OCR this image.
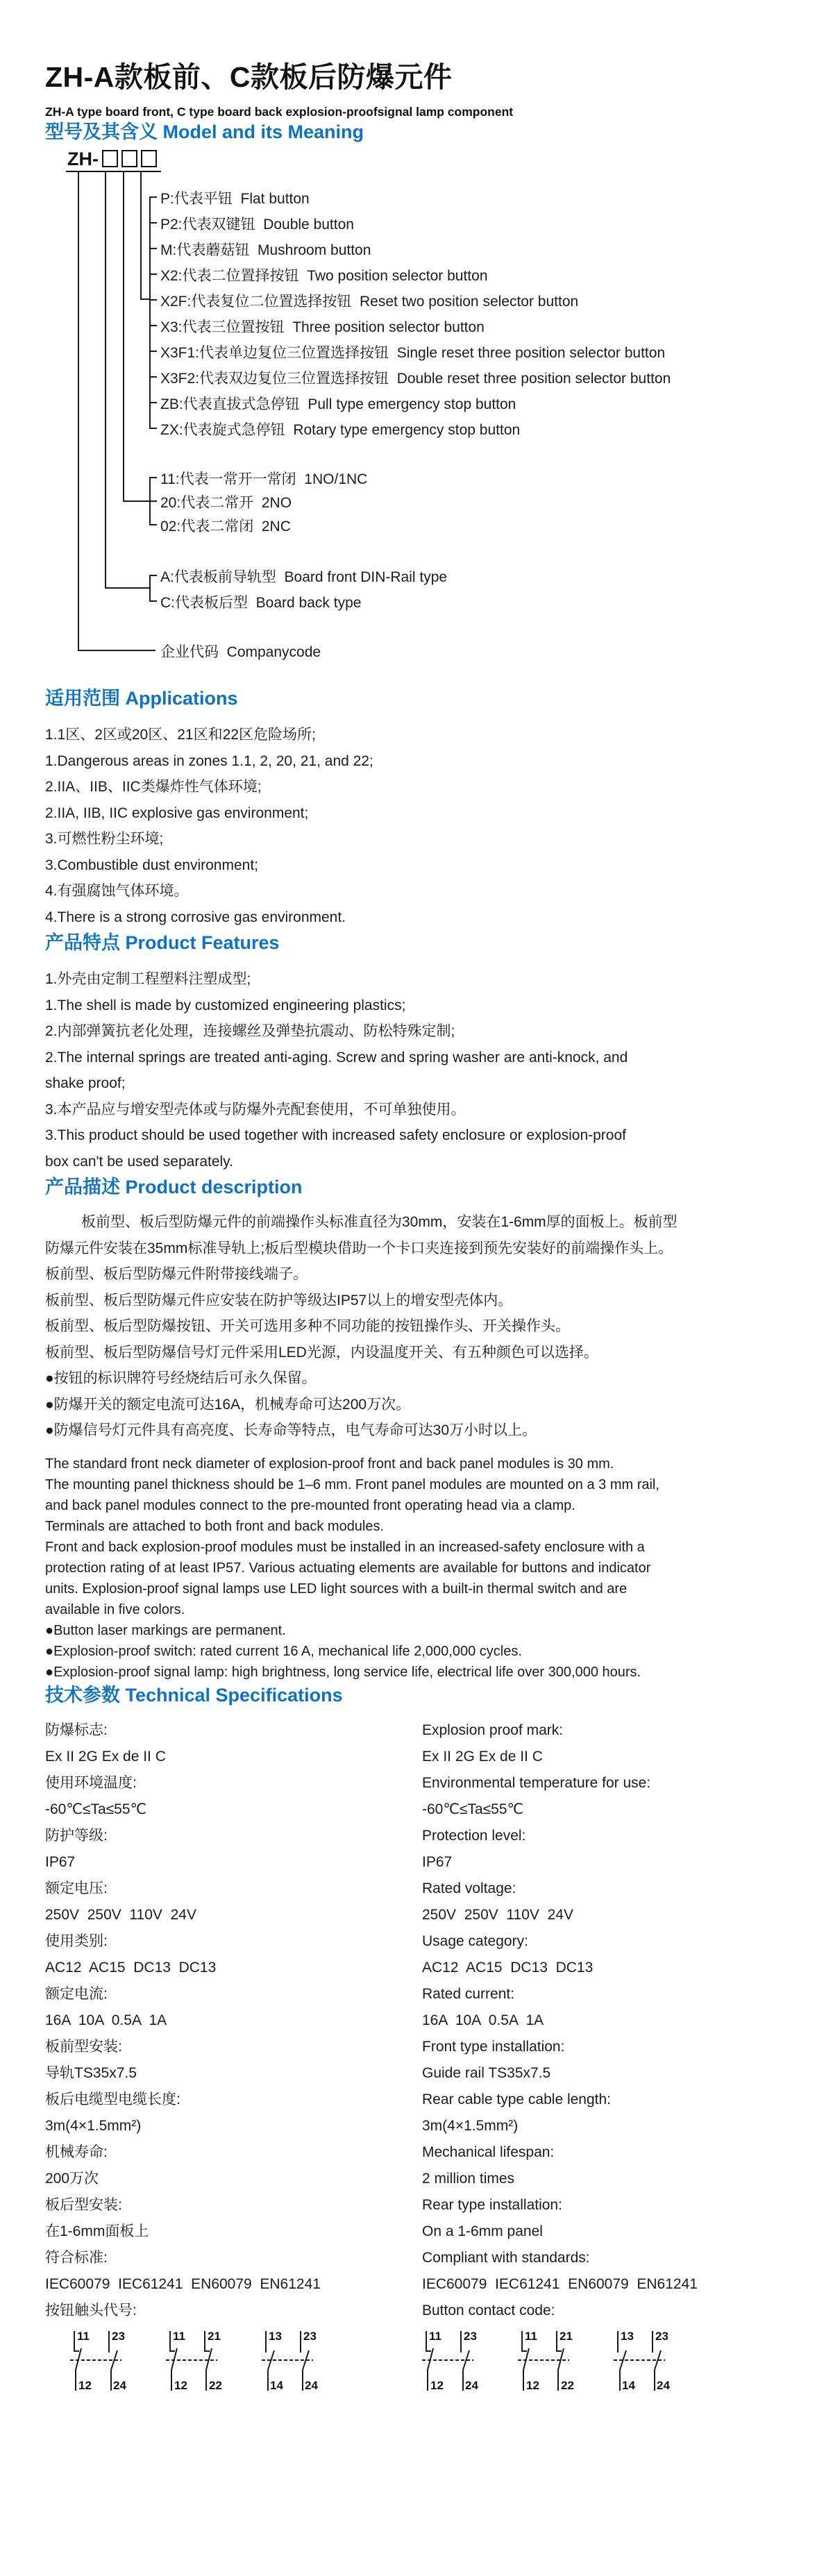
ZH-A款板前、C款板后防爆元件
ZH-A type board front, C type board back explosion-proofsignal lamp component
型号及其含义 Model and its Meaning
ZH-
P:代表平钮  Flat button
P2:代表双键钮  Double button
M:代表蘑菇钮  Mushroom button
X2:代表二位置择按钮  Two position selector button
X2F:代表复位二位置选择按钮  Reset two position selector button
X3:代表三位置按钮  Three position selector button
X3F1:代表单边复位三位置选择按钮  Single reset three position selector button
X3F2:代表双边复位三位置选择按钮  Double reset three position selector button
ZB:代表直拔式急停钮  Pull type emergency stop button
ZX:代表旋式急停钮  Rotary type emergency stop button
11:代表一常开一常闭  1NO/1NC
20:代表二常开  2NO
02:代表二常闭  2NC
A:代表板前导轨型  Board front DIN-Rail type
C:代表板后型  Board back type
企业代码  Companycode
适用范围 Applications
1.1区、2区或20区、21区和22区危险场所;
1.Dangerous areas in zones 1.1, 2, 20, 21, and 22;
2.IIA、IIB、IIC类爆炸性气体环境;
2.IIA, IIB, IIC explosive gas environment;
3.可燃性粉尘环境;
3.Combustible dust environment;
4.有强腐蚀气体环境。
4.There is a strong corrosive gas environment.
产品特点 Product Features
1.外壳由定制工程塑料注塑成型;
1.The shell is made by customized engineering plastics;
2.内部弹簧抗老化处理，连接螺丝及弹垫抗震动、防松特殊定制;
2.The internal springs are treated anti-aging. Screw and spring washer are anti-knock, and
shake proof;
3.本产品应与增安型壳体或与防爆外壳配套使用，不可单独使用。
3.This product should be used together with increased safety enclosure or explosion-proof
box can't be used separately.
产品描述 Product description
板前型、板后型防爆元件的前端操作头标准直径为30mm，安装在1-6mm厚的面板上。板前型
防爆元件安装在35mm标准导轨上;板后型模块借助一个卡口夹连接到预先安装好的前端操作头上。
板前型、板后型防爆元件附带接线端子。
板前型、板后型防爆元件应安装在防护等级达IP57以上的增安型壳体内。
板前型、板后型防爆按钮、开关可选用多种不同功能的按钮操作头、开关操作头。
板前型、板后型防爆信号灯元件采用LED光源，内设温度开关、有五种颜色可以选择。
●按钮的标识牌符号经烧结后可永久保留。
●防爆开关的额定电流可达16A，机械寿命可达200万次。
●防爆信号灯元件具有高亮度、长寿命等特点，电气寿命可达30万小时以上。
The standard front neck diameter of explosion-proof front and back panel modules is 30 mm.
The mounting panel thickness should be 1–6 mm. Front panel modules are mounted on a 3 mm rail,
and back panel modules connect to the pre-mounted front operating head via a clamp.
Terminals are attached to both front and back modules.
Front and back explosion-proof modules must be installed in an increased-safety enclosure with a
protection rating of at least IP57. Various actuating elements are available for buttons and indicator
units. Explosion-proof signal lamps use LED light sources with a built-in thermal switch and are
available in five colors.
●Button laser markings are permanent.
●Explosion-proof switch: rated current 16 A, mechanical life 2,000,000 cycles.
●Explosion-proof signal lamp: high brightness, long service life, electrical life over 300,000 hours.
技术参数 Technical Specifications
防爆标志:	Explosion proof mark:
Ex II 2G Ex de II C	Ex II 2G Ex de II C
使用环境温度:	Environmental temperature for use:
-60℃≤Ta≤55℃	-60℃≤Ta≤55℃
防护等级:	Protection level:
IP67	IP67
额定电压:	Rated voltage:
250V  250V  110V  24V	250V  250V  110V  24V
使用类别:	Usage category:
AC12  AC15  DC13  DC13	AC12  AC15  DC13  DC13
额定电流:	Rated current:
16A  10A  0.5A  1A	16A  10A  0.5A  1A
板前型安装:	Front type installation:
导轨TS35x7.5	Guide rail TS35x7.5
板后电缆型电缆长度:	Rear cable type cable length:
3m(4×1.5mm²)	3m(4×1.5mm²)
机械寿命:	Mechanical lifespan:
200万次	2 million times
板后型安装:	Rear type installation:
在1-6mm面板上	On a 1-6mm panel
符合标准:	Compliant with standards:
IEC60079  IEC61241  EN60079  EN61241	IEC60079  IEC61241  EN60079  EN61241
按钮触头代号:	Button contact code:
11 23
12 24
11 21
12 22
13 23
14 24
11 23
12 24
11 21
12 22
13 23
14 24
